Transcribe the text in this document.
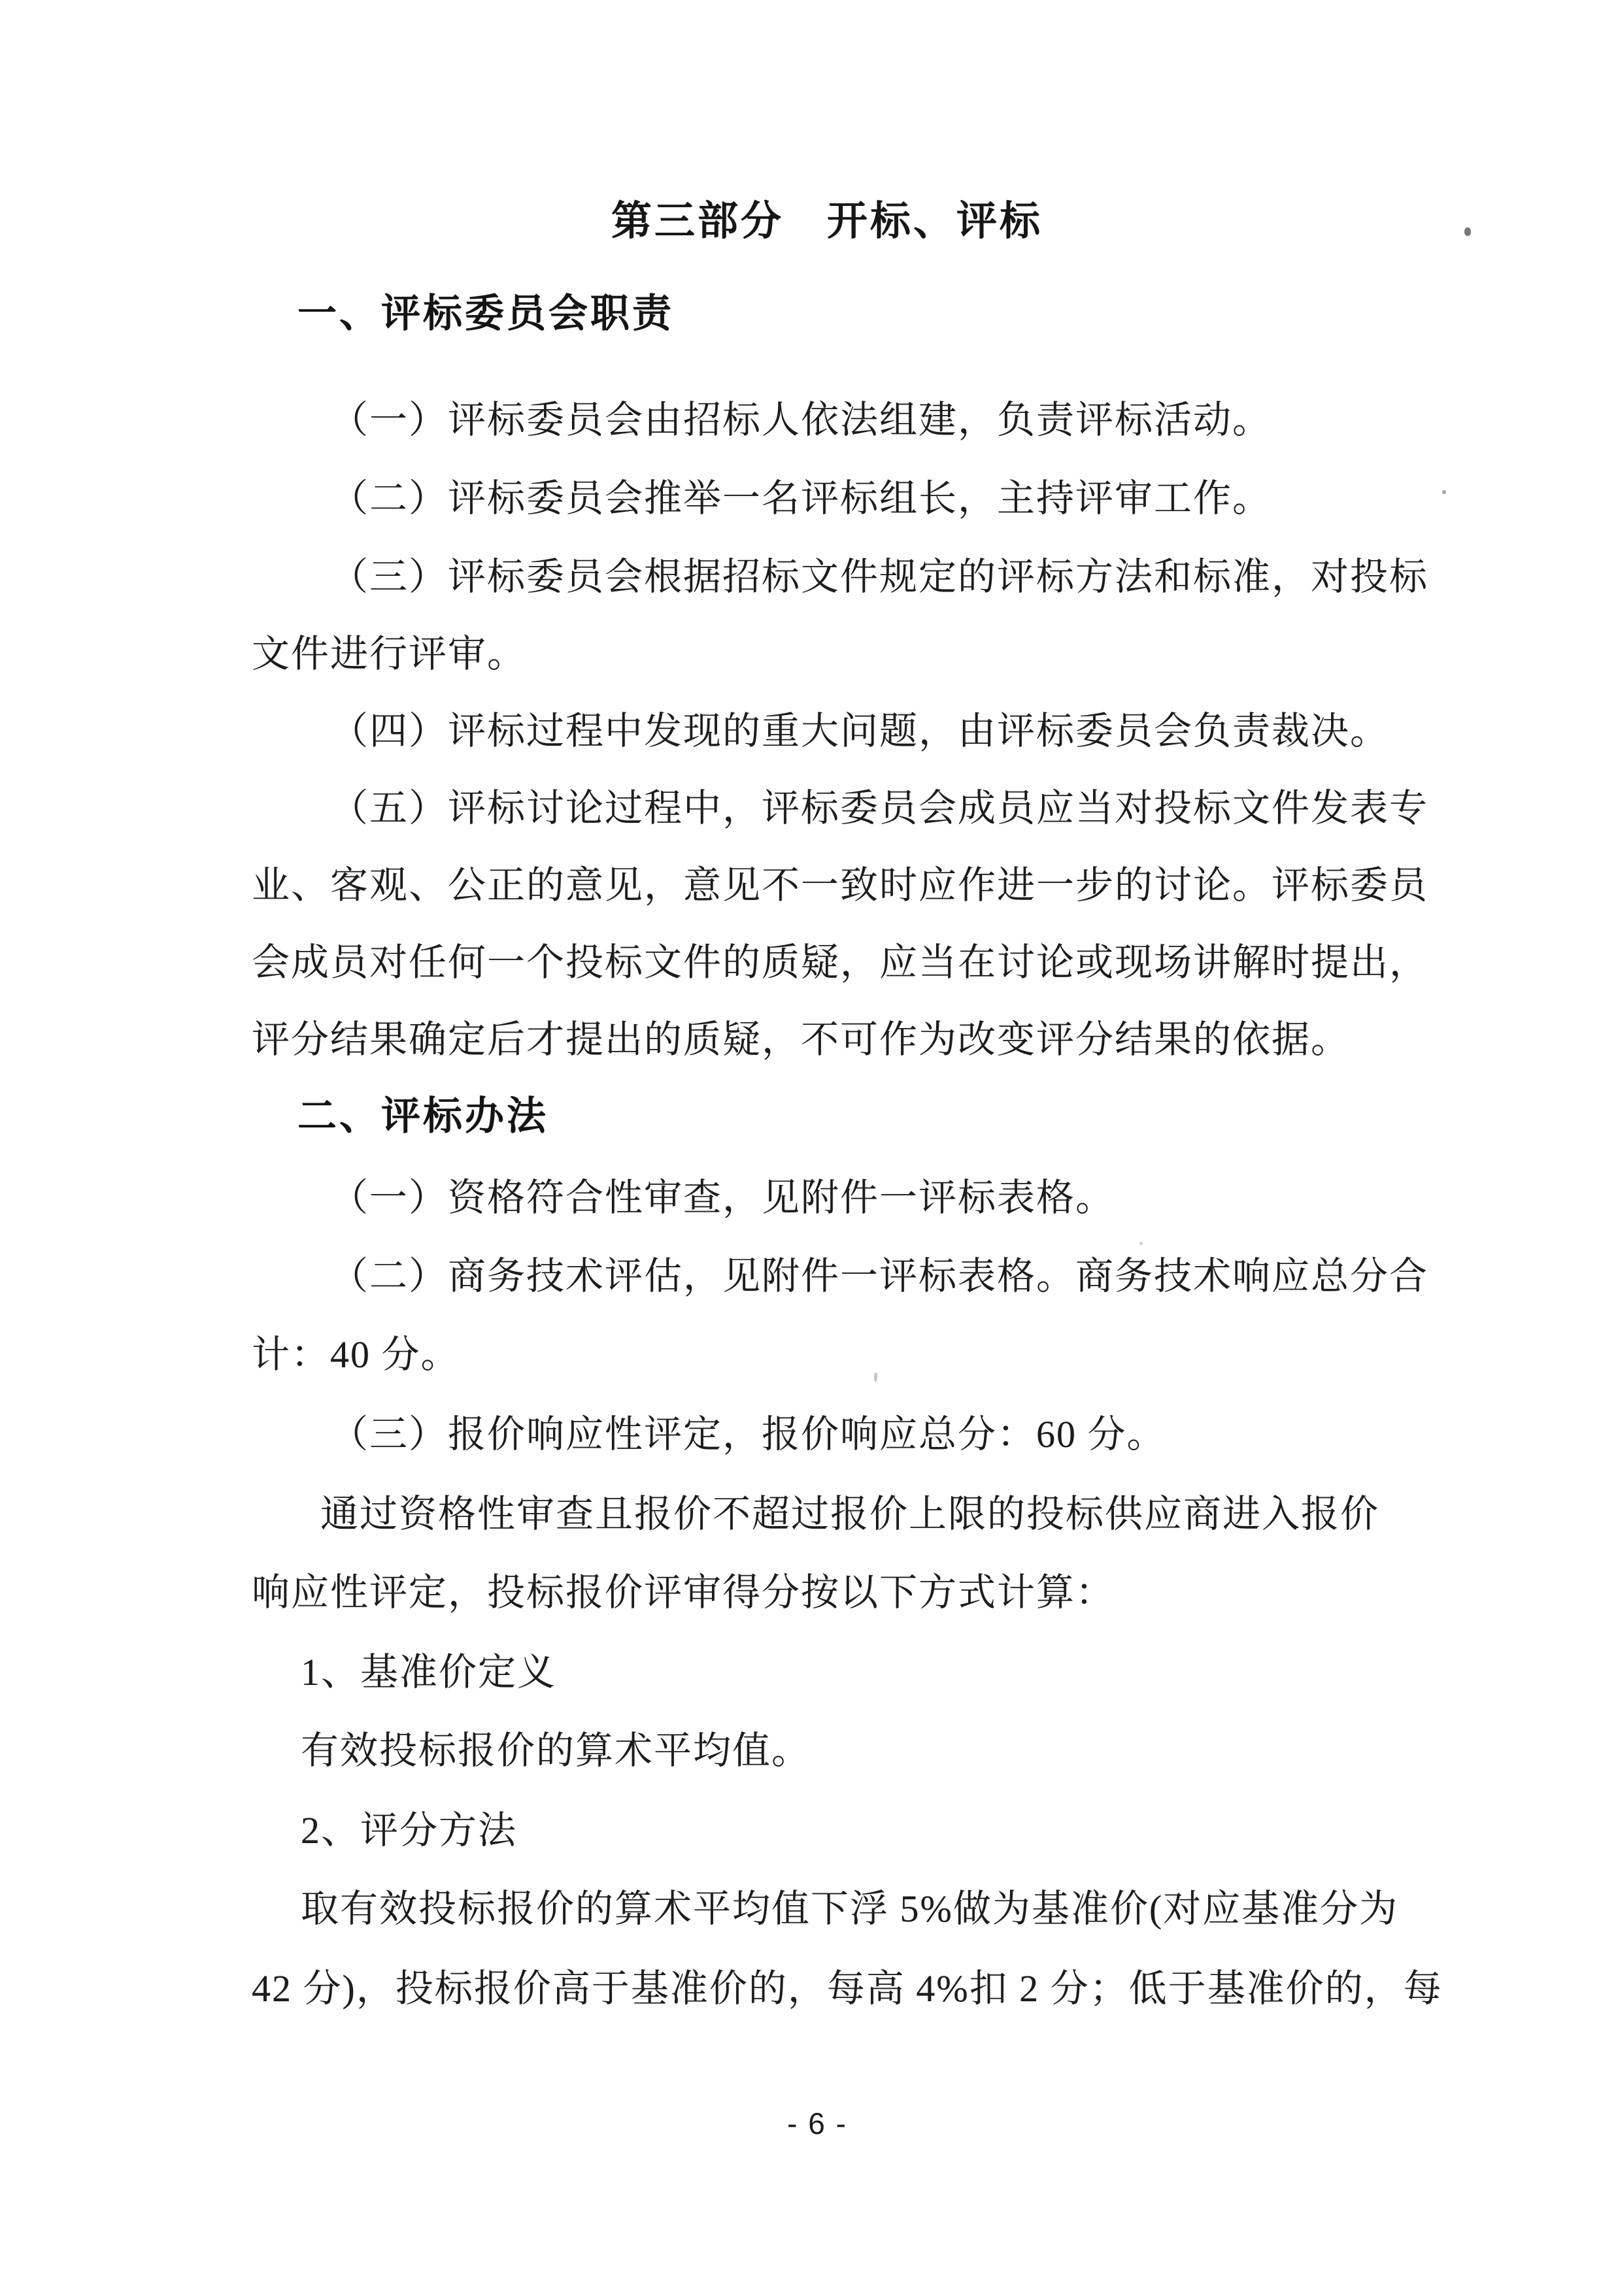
第三部分　开标、评标
一、评标委员会职责
（一）评标委员会由招标人依法组建，负责评标活动。
（二）评标委员会推举一名评标组长，主持评审工作。
（三）评标委员会根据招标文件规定的评标方法和标准，对投标
文件进行评审。
（四）评标过程中发现的重大问题，由评标委员会负责裁决。
（五）评标讨论过程中，评标委员会成员应当对投标文件发表专
业、客观、公正的意见，意见不一致时应作进一步的讨论。评标委员
会成员对任何一个投标文件的质疑，应当在讨论或现场讲解时提出，
评分结果确定后才提出的质疑，不可作为改变评分结果的依据。
二、评标办法
（一）资格符合性审查，见附件一评标表格。
（二）商务技术评估，见附件一评标表格。商务技术响应总分合
计：40 分。
（三）报价响应性评定，报价响应总分：60 分。
通过资格性审查且报价不超过报价上限的投标供应商进入报价
响应性评定，投标报价评审得分按以下方式计算：
1、基准价定义
有效投标报价的算术平均值。
2、评分方法
取有效投标报价的算术平均值下浮 5%做为基准价(对应基准分为
42 分)，投标报价高于基准价的，每高 4%扣 2 分；低于基准价的，每
- 6 -
